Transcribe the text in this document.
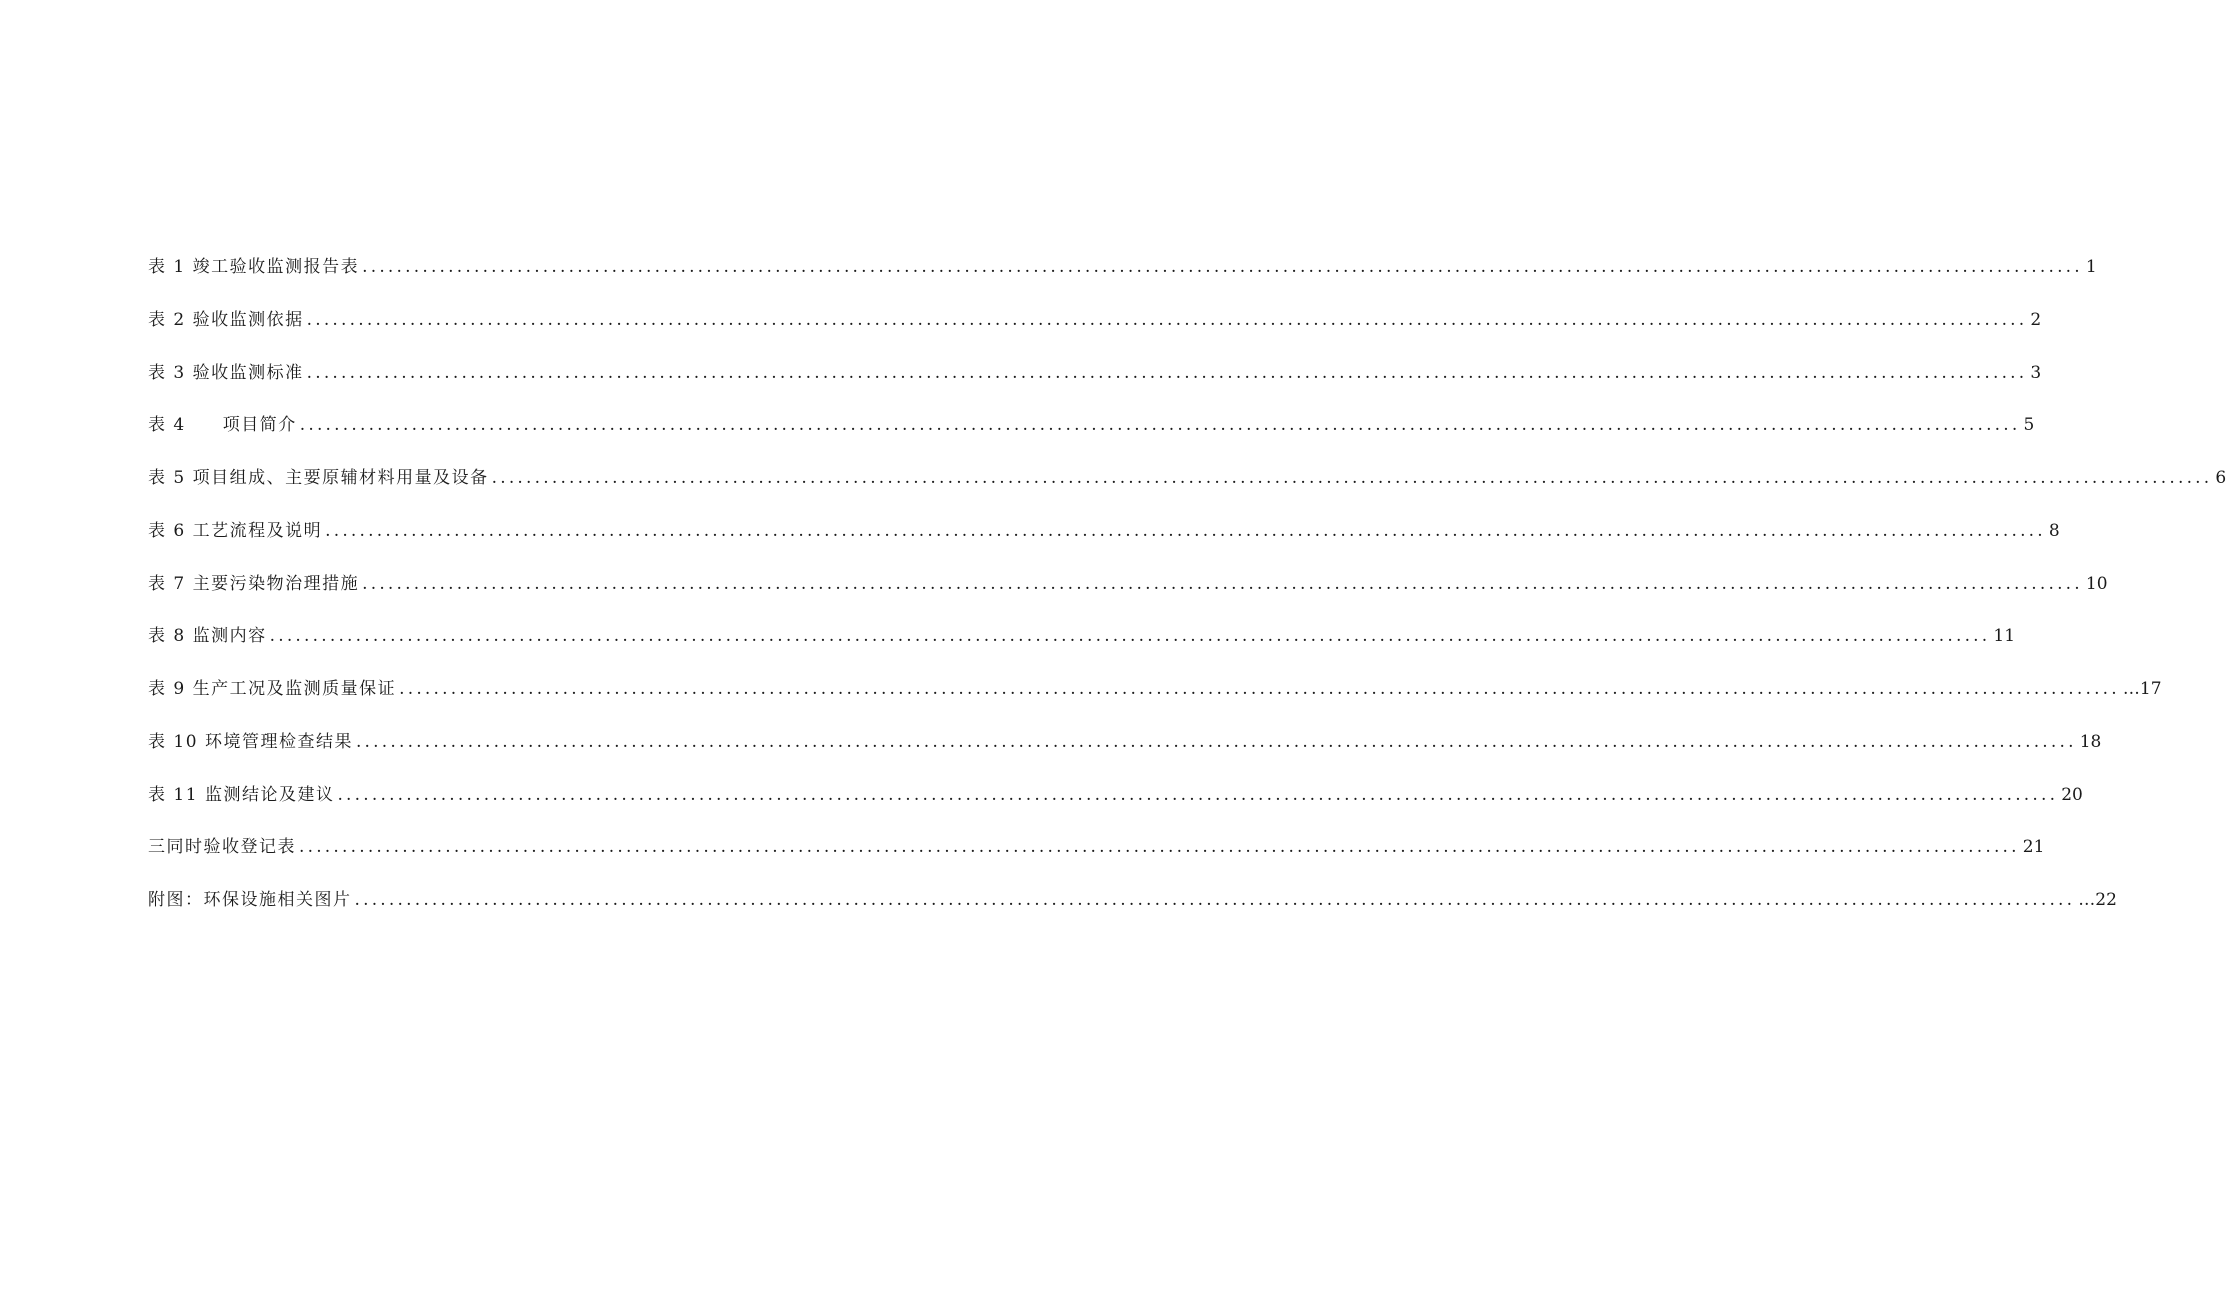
表 1 竣工验收监测报告表 ........................................................................................................................................................................................................ 1
表 2 验收监测依据 ........................................................................................................................................................................................................ 2
表 3 验收监测标准 ........................................................................................................................................................................................................ 3
表 4　　项目简介 ........................................................................................................................................................................................................ 5
表 5 项目组成、主要原辅材料用量及设备 ........................................................................................................................................................................................................ 6
表 6 工艺流程及说明 ........................................................................................................................................................................................................ 8
表 7 主要污染物治理措施 ........................................................................................................................................................................................................ 10
表 8 监测内容 ........................................................................................................................................................................................................ 11
表 9 生产工况及监测质量保证 ........................................................................................................................................................................................................ …17
表 10 环境管理检查结果 ........................................................................................................................................................................................................ 18
表 11 监测结论及建议 ........................................................................................................................................................................................................ 20
三同时验收登记表 ........................................................................................................................................................................................................ 21
附图：环保设施相关图片 ........................................................................................................................................................................................................ …22
